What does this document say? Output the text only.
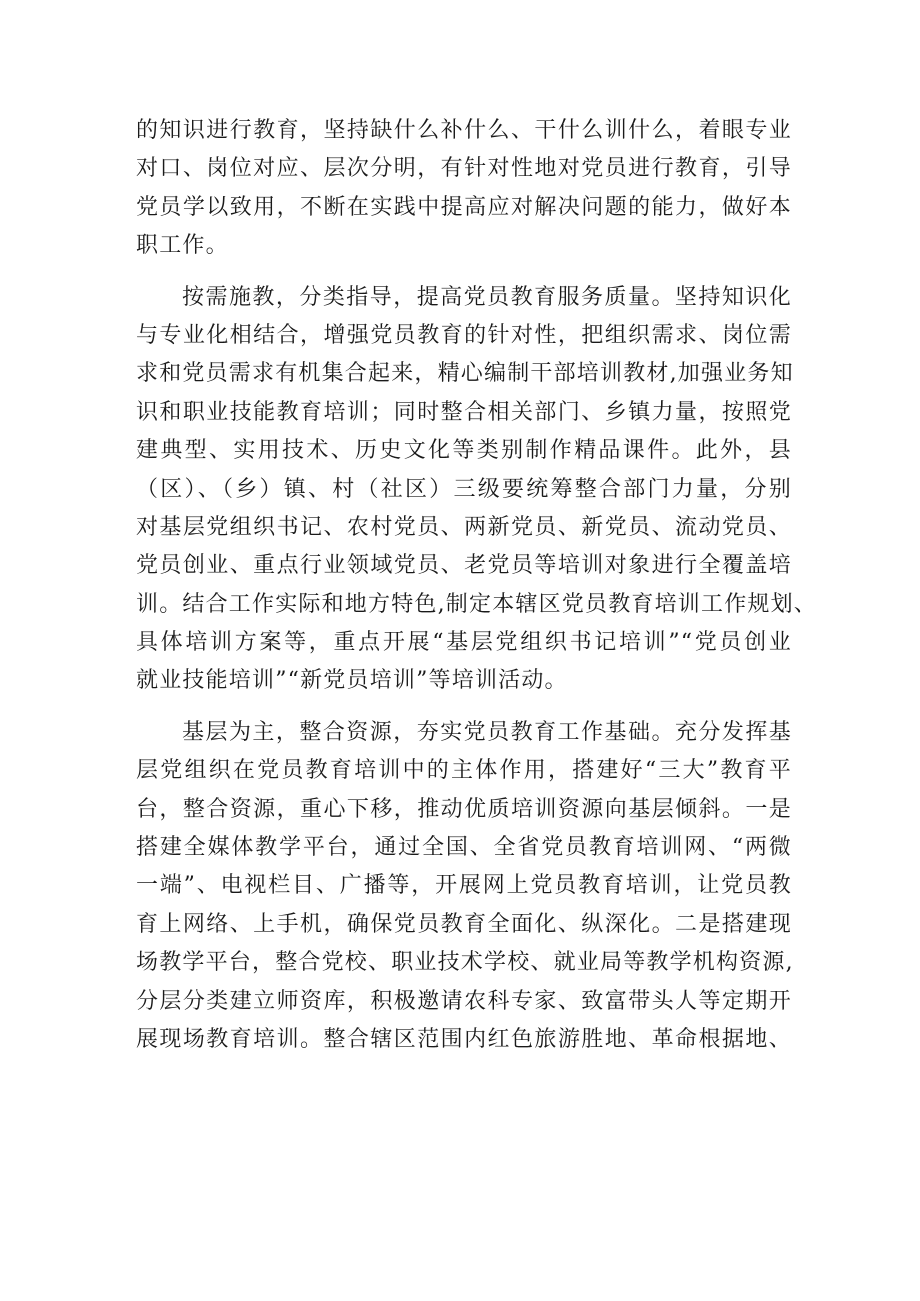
的知识进行教育，坚持缺什么补什么、干什么训什么，着眼专业
对口、岗位对应、层次分明，有针对性地对党员进行教育，引导
党员学以致用，不断在实践中提高应对解决问题的能力，做好本
职工作。
按需施教，分类指导，提高党员教育服务质量。坚持知识化
与专业化相结合，增强党员教育的针对性，把组织需求、岗位需
求和党员需求有机集合起来，精心编制干部培训教材,加强业务知
识和职业技能教育培训；同时整合相关部门、乡镇力量，按照党
建典型、实用技术、历史文化等类别制作精品课件。此外，县
（区）、（乡）镇、村（社区）三级要统筹整合部门力量，分别
对基层党组织书记、农村党员、两新党员、新党员、流动党员、
党员创业、重点行业领域党员、老党员等培训对象进行全覆盖培
训。结合工作实际和地方特色,制定本辖区党员教育培训工作规划、
具体培训方案等，重点开展“基层党组织书记培训”“党员创业
就业技能培训”“新党员培训”等培训活动。
基层为主，整合资源，夯实党员教育工作基础。充分发挥基
层党组织在党员教育培训中的主体作用，搭建好“三大”教育平
台，整合资源，重心下移，推动优质培训资源向基层倾斜。一是
搭建全媒体教学平台，通过全国、全省党员教育培训网、“两微
一端”、电视栏目、广播等，开展网上党员教育培训，让党员教
育上网络、上手机，确保党员教育全面化、纵深化。二是搭建现
场教学平台，整合党校、职业技术学校、就业局等教学机构资源,
分层分类建立师资库，积极邀请农科专家、致富带头人等定期开
展现场教育培训。整合辖区范围内红色旅游胜地、革命根据地、
